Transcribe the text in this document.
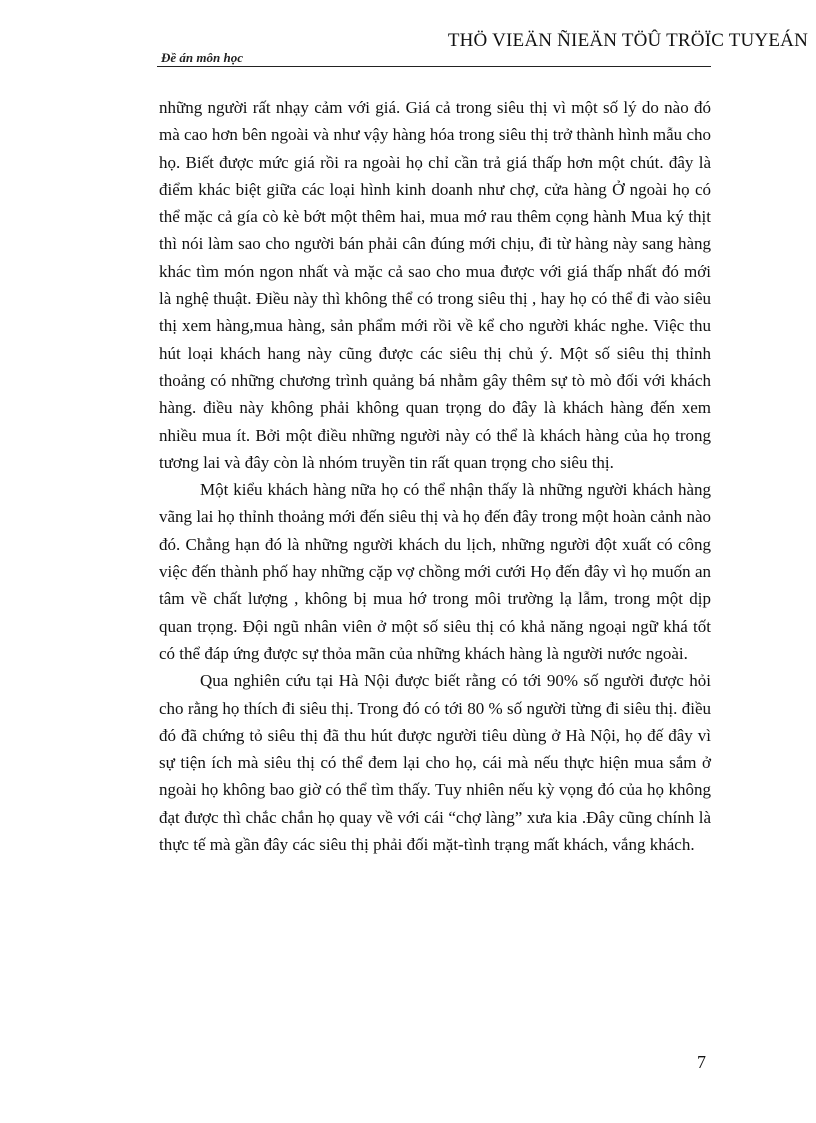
Đề án môn học
THÖ VIEÄN ÑIEÄN TÖÛ TRÖÏC TUYEÁN

những người rất nhạy cảm với giá. Giá cả trong siêu thị vì một số lý do nào đó mà cao hơn bên ngoài và như vậy hàng hóa trong siêu thị trở thành hình mẫu cho họ. Biết được mức giá rồi ra ngoài họ chỉ cần trả giá thấp hơn một chút. đây là điểm khác biệt giữa các loại hình kinh doanh như chợ, cửa hàng Ở ngoài họ có thể mặc cả gía cò kè bớt một thêm hai, mua mớ rau thêm cọng hành Mua ký thịt thì nói làm sao cho người bán phải cân đúng mới chịu, đi từ hàng này sang hàng khác tìm món ngon nhất và mặc cả sao cho mua được với giá thấp nhất đó mới là nghệ thuật. Điều này thì không thể có trong siêu thị , hay họ có thể đi vào siêu thị xem hàng,mua hàng, sản phẩm mới rồi về kể cho người khác nghe. Việc thu hút loại khách hang này cũng được các siêu thị chủ ý. Một số siêu thị thỉnh thoảng có những chương trình quảng bá nhằm gây thêm sự tò mò đối với khách hàng. điều này không phải không quan trọng do đây là khách hàng đến xem nhiều mua ít. Bởi một điều những người này có thể là khách hàng của họ trong tương lai và đây còn là nhóm truyền tin rất quan trọng cho siêu thị.

Một kiểu khách hàng nữa họ có thể nhận thấy là những người khách hàng vãng lai họ thỉnh thoảng mới đến siêu thị và họ đến đây trong một hoàn cảnh nào đó. Chẳng hạn đó là những người khách du lịch, những người đột xuất có công việc đến thành phố hay những cặp vợ chồng mới cưới Họ đến đây vì họ muốn an tâm về chất lượng , không bị mua hớ trong môi trường lạ lẫm, trong một dịp quan trọng. Đội ngũ nhân viên ở một số siêu thị có khả năng ngoại ngữ khá tốt có thể đáp ứng được sự thỏa mãn của những khách hàng là người nước ngoài.

Qua nghiên cứu tại Hà Nội được biết rằng có tới 90% số người được hỏi cho rằng họ thích đi siêu thị. Trong đó có tới 80 % số người từng đi siêu thị. điều đó đã chứng tỏ siêu thị đã thu hút được người tiêu dùng ở Hà Nội, họ đế đây vì sự tiện ích mà siêu thị có thể đem lại cho họ, cái mà nếu thực hiện mua sắm ở ngoài họ không bao giờ có thể tìm thấy. Tuy nhiên nếu kỳ vọng đó của họ không đạt được thì chắc chắn họ quay về với cái “chợ làng” xưa kia .Đây cũng chính là thực tế mà gần đây các siêu thị phải đối mặt-tình trạng mất khách, vắng khách.

7
